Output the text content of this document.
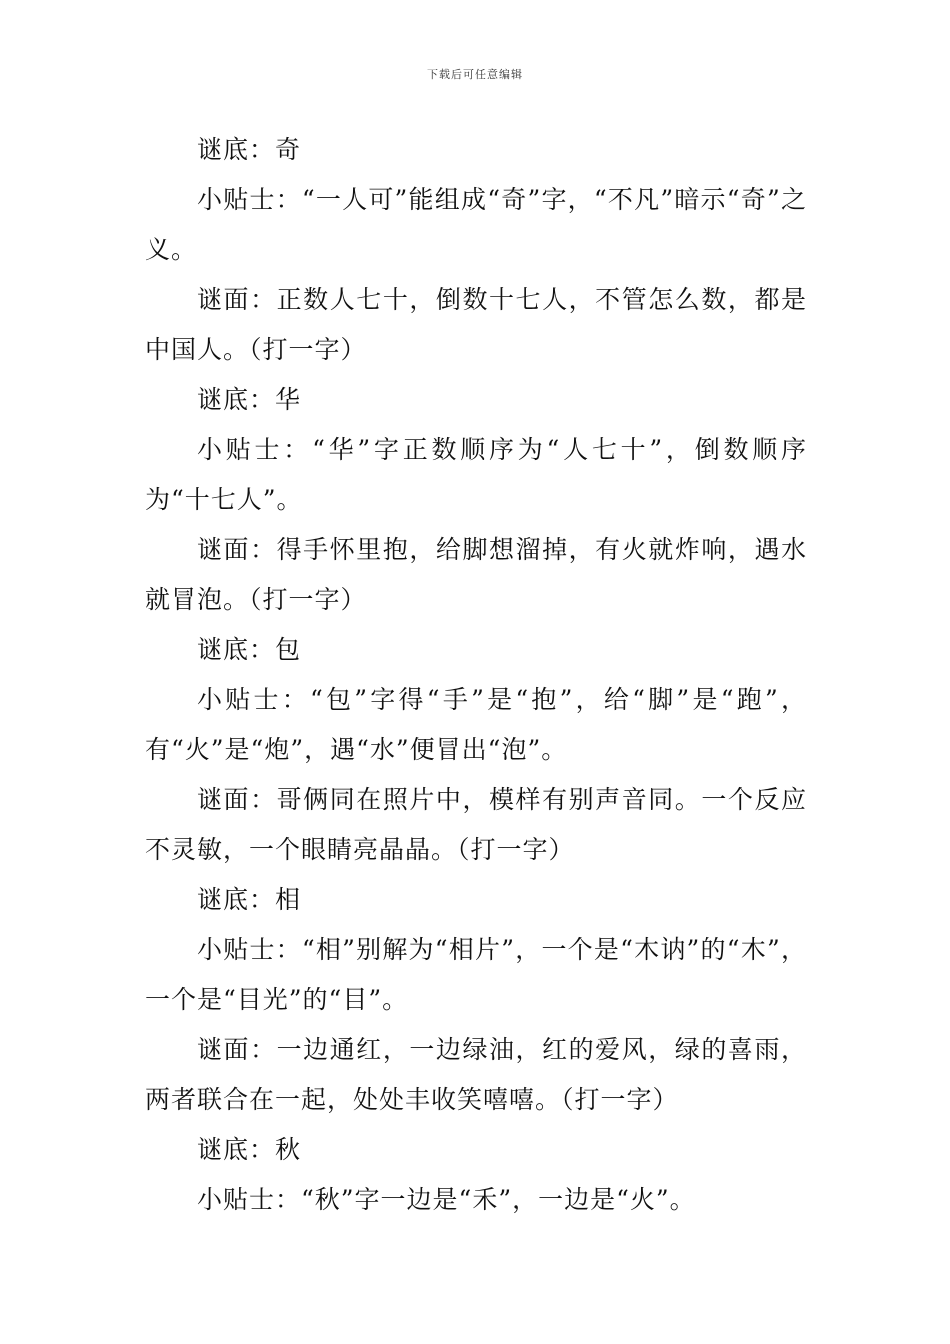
下载后可任意编辑

谜底：奇

小贴士：“一人可”能组成“奇”字，“不凡”暗示“奇”之义。

谜面：正数人七十，倒数十七人，不管怎么数，都是中国人。（打一字）

谜底：华

小贴士：“华”字正数顺序为“人七十”，倒数顺序为“十七人”。

谜面：得手怀里抱，给脚想溜掉，有火就炸响，遇水就冒泡。（打一字）

谜底：包

小贴士：“包”字得“手”是“抱”，给“脚”是“跑”，有“火”是“炮”，遇“水”便冒出“泡”。

谜面：哥俩同在照片中，模样有别声音同。一个反应不灵敏，一个眼睛亮晶晶。（打一字）

谜底：相

小贴士：“相”别解为“相片”，一个是“木讷”的“木”，一个是“目光”的“目”。

谜面：一边通红，一边绿油，红的爱风，绿的喜雨，两者联合在一起，处处丰收笑嘻嘻。（打一字）

谜底：秋

小贴士：“秋”字一边是“禾”，一边是“火”。
